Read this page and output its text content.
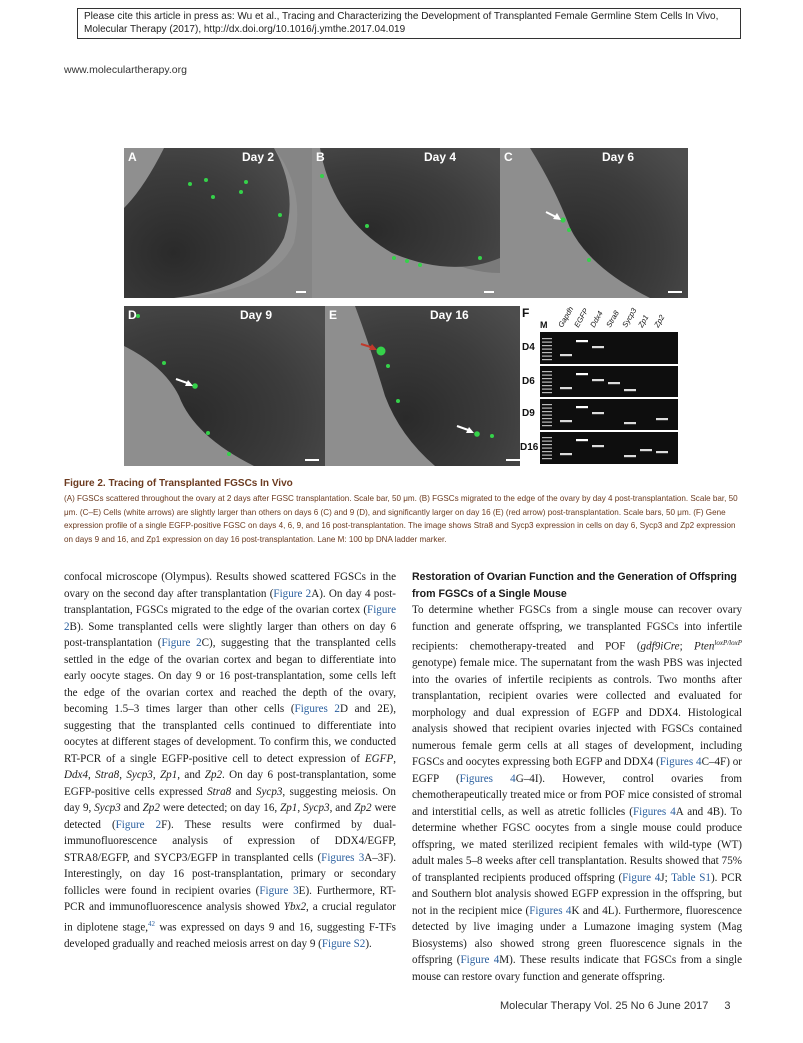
Please cite this article in press as: Wu et al., Tracing and Characterizing the Development of Transplanted Female Germline Stem Cells In Vivo, Molecular Therapy (2017), http://dx.doi.org/10.1016/j.ymthe.2017.04.019
www.moleculartherapy.org
A	Day 2	B	Day 4	C	Day 6
D	Day 9	E	Day 16	F
M Gapdh
EGFP
Ddx4 Stra8 Sycp3
Zp1 Zp2
D4
D6
D9
D16
Figure 2. Tracing of Transplanted FGSCs In Vivo
(A) FGSCs scattered throughout the ovary at 2 days after FGSC transplantation. Scale bar, 50 μm. (B) FGSCs migrated to the edge of the ovary by day 4 post-transplantation. Scale bar, 50 μm. (C–E) Cells (white arrows) are slightly larger than others on days 6 (C) and 9 (D), and significantly larger on day 16 (E) (red arrow) post-transplantation. Scale bars, 50 μm. (F) Gene expression profile of a single EGFP-positive FGSC on days 4, 6, 9, and 16 post-transplantation. The image shows Stra8 and Sycp3 expression in cells on day 6, Sycp3 and Zp2 expression on days 9 and 16, and Zp1 expression on day 16 post-transplantation. Lane M: 100 bp DNA ladder marker.
confocal microscope (Olympus). Results showed scattered FGSCs in the ovary on the second day after transplantation (Figure 2A). On day 4 post-transplantation, FGSCs migrated to the edge of the ovarian cortex (Figure 2B). Some transplanted cells were slightly larger than others on day 6 post-transplantation (Figure 2C), suggesting that the transplanted cells settled in the edge of the ovarian cortex and began to differentiate into early oocyte stages. On day 9 or 16 post-transplantation, some cells left the edge of the ovarian cortex and reached the depth of the ovary, becoming 1.5–3 times larger than other cells (Figures 2D and 2E), suggesting that the transplanted cells continued to differentiate into oocytes at different stages of development. To confirm this, we conducted RT-PCR of a single EGFP-positive cell to detect expression of EGFP, Ddx4, Stra8, Sycp3, Zp1, and Zp2. On day 6 post-transplantation, some EGFP-positive cells expressed Stra8 and Sycp3, suggesting meiosis. On day 9, Sycp3 and Zp2 were detected; on day 16, Zp1, Sycp3, and Zp2 were detected (Figure 2F). These results were confirmed by dual-immunofluorescence analysis of expression of DDX4/EGFP, STRA8/EGFP, and SYCP3/EGFP in transplanted cells (Figures 3A–3F). Interestingly, on day 16 post-transplantation, primary or secondary follicles were found in recipient ovaries (Figure 3E). Furthermore, RT-PCR and immunofluorescence analysis showed Ybx2, a crucial regulator in diplotene stage,$^{42}$ was expressed on days 9 and 16, suggesting F-TFs developed gradually and reached meiosis arrest on day 9 (Figure S2).
Restoration of Ovarian Function and the Generation of Offspring from FGSCs of a Single Mouse
To determine whether FGSCs from a single mouse can recover ovary function and generate offspring, we transplanted FGSCs into infertile recipients: chemotherapy-treated and POF (gdf9iCre; Pten$^{loxP/loxP}$ genotype) female mice. The supernatant from the wash PBS was injected into the ovaries of infertile recipients as controls. Two months after transplantation, recipient ovaries were collected and evaluated for morphology and dual expression of EGFP and DDX4. Histological analysis showed that recipient ovaries injected with FGSCs contained numerous female germ cells at all stages of development, including FGSCs and oocytes expressing both EGFP and DDX4 (Figures 4C–4F) or EGFP (Figures 4G–4I). However, control ovaries from chemotherapeutically treated mice or from POF mice consisted of stromal and interstitial cells, as well as atretic follicles (Figures 4A and 4B). To determine whether FGSC oocytes from a single mouse could produce offspring, we mated sterilized recipient females with wild-type (WT) adult males 5–8 weeks after cell transplantation. Results showed that 75% of transplanted recipients produced offspring (Figure 4J; Table S1). PCR and Southern blot analysis showed EGFP expression in the offspring, but not in the recipient mice (Figures 4K and 4L). Furthermore, fluorescence detected by live imaging under a Lumazone imaging system (Mag Biosystems) also showed strong green fluorescence signals in the offspring (Figure 4M). These results indicate that FGSCs from a single mouse can restore ovary function and generate offspring.
Molecular Therapy Vol. 25 No 6 June 2017 3
